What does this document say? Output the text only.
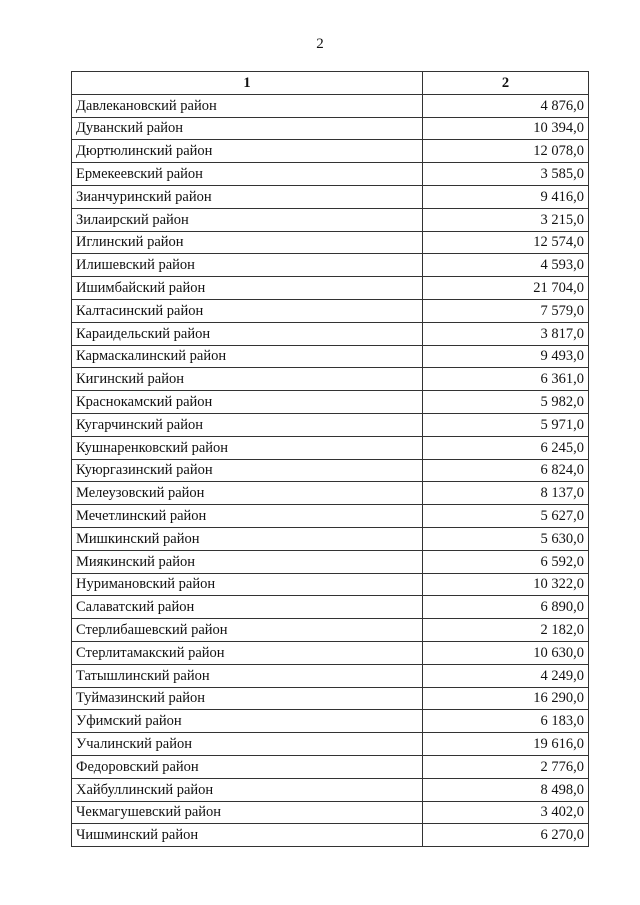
2
1	2
Давлекановский район	4 876,0
Дуванский район	10 394,0
Дюртюлинский район	12 078,0
Ермекеевский район	3 585,0
Зианчуринский район	9 416,0
Зилаирский район	3 215,0
Иглинский район	12 574,0
Илишевский район	4 593,0
Ишимбайский район	21 704,0
Калтасинский район	7 579,0
Караидельский район	3 817,0
Кармаскалинский район	9 493,0
Кигинский район	6 361,0
Краснокамский район	5 982,0
Кугарчинский район	5 971,0
Кушнаренковский район	6 245,0
Куюргазинский район	6 824,0
Мелеузовский район	8 137,0
Мечетлинский район	5 627,0
Мишкинский район	5 630,0
Миякинский район	6 592,0
Нуримановский район	10 322,0
Салаватский район	6 890,0
Стерлибашевский район	2 182,0
Стерлитамакский район	10 630,0
Татышлинский район	4 249,0
Туймазинский район	16 290,0
Уфимский район	6 183,0
Учалинский район	19 616,0
Федоровский район	2 776,0
Хайбуллинский район	8 498,0
Чекмагушевский район	3 402,0
Чишминский район	6 270,0
